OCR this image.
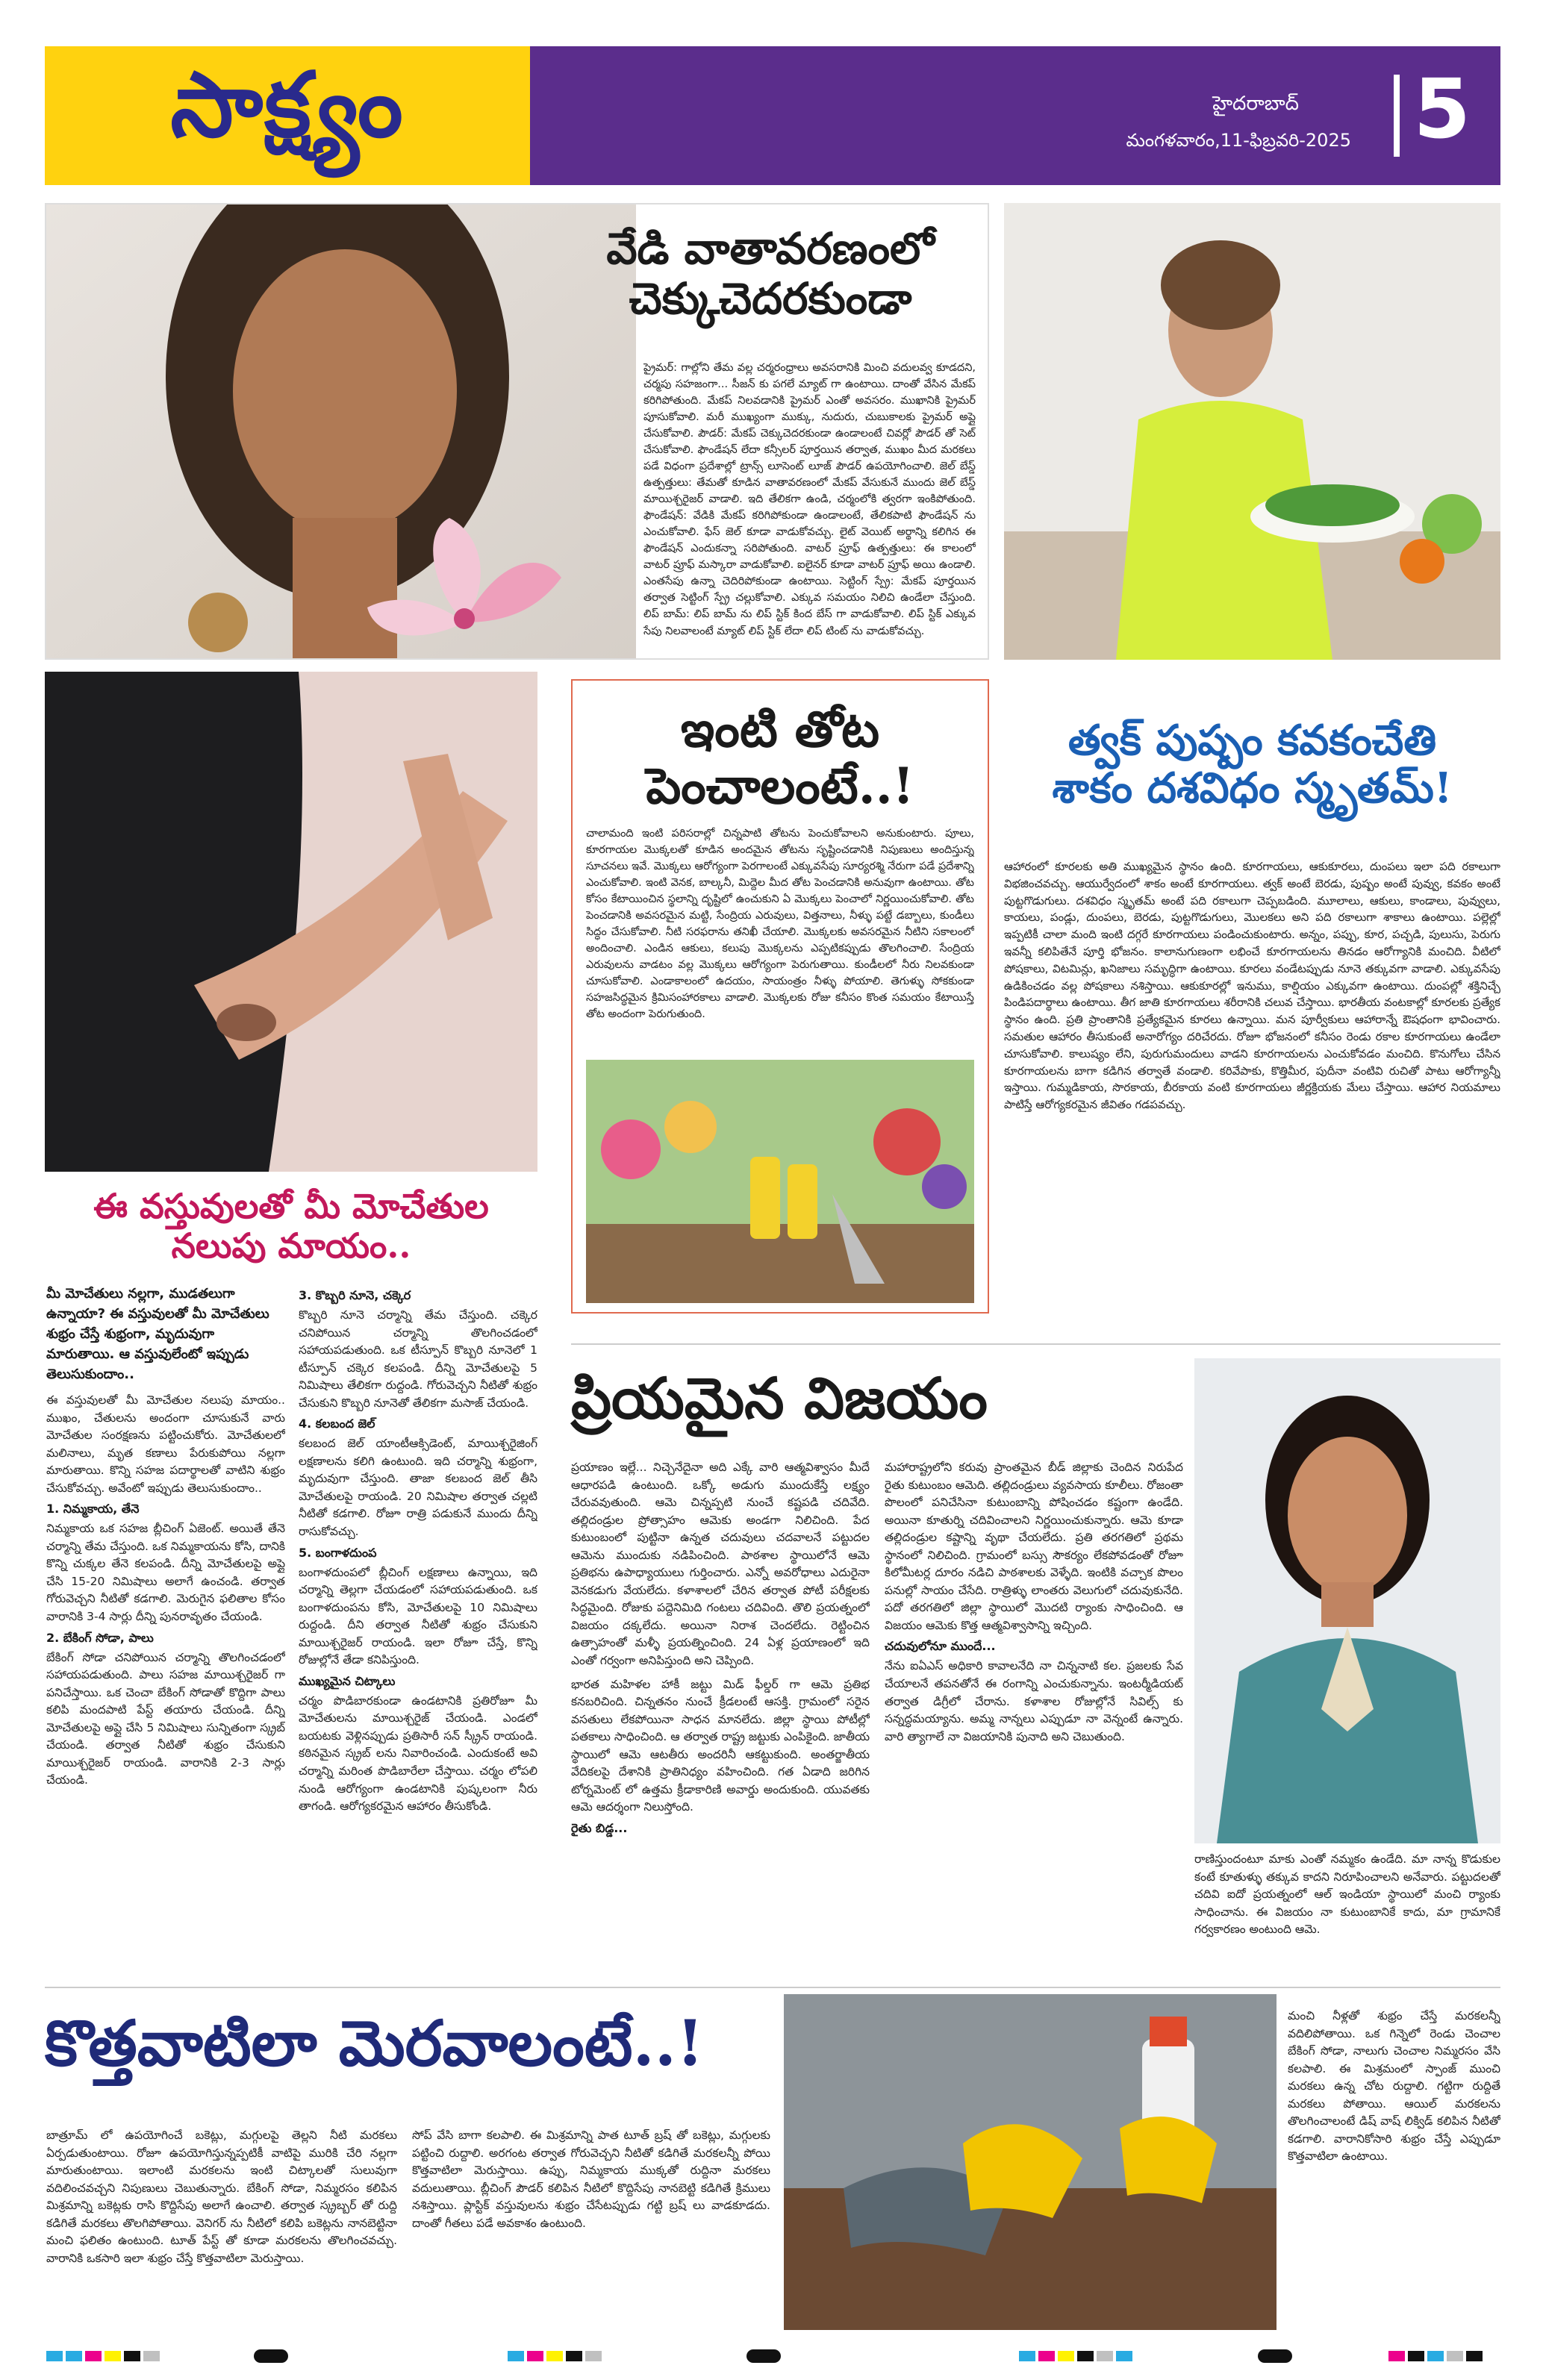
సాక్ష్యం	హైదరాబాద్
మంగళవారం,11-ఫిబ్రవరి-2025 5
వేడి వాతావరణంలో
చెక్కుచెదరకుండా
ప్రైమర్: గాల్లోని తేమ వల్ల చర్మరంధ్రాలు అవసరానికి మించి వదులవ్వ కూడదని, చర్మపు సహజంగా... సీజన్ కు పగలే మ్యాట్ గా ఉంటాయి. దాంతో వేసిన మేకప్ కరిగిపోతుంది. మేకప్ నిలవడానికి ప్రైమర్ ఎంతో అవసరం. ముఖానికి ప్రైమర్ పూసుకోవాలి. మరీ ముఖ్యంగా ముక్కు, నుదురు, చుబుకాలకు ప్రైమర్ అప్లై చేసుకోవాలి. పౌడర్: మేకప్ చెక్కుచెదరకుండా ఉండాలంటే చివర్లో పౌడర్ తో సెట్ చేసుకోవాలి. ఫౌండేషన్ లేదా కన్సీలర్ పూర్తయిన తర్వాత, ముఖం మీద మరకలు పడే విధంగా ప్రదేశాల్లో ట్రాన్స్ లూసెంట్ లూజ్ పౌడర్ ఉపయోగించాలి. జెల్ బేస్డ్ ఉత్పత్తులు: తేమతో కూడిన వాతావరణంలో మేకప్ వేసుకునే ముందు జెల్ బేస్డ్ మాయిశ్చరైజర్ వాడాలి. ఇది తేలికగా ఉండి, చర్మంలోకి త్వరగా ఇంకిపోతుంది. ఫౌండేషన్: వేడికి మేకప్ కరిగిపోకుండా ఉండాలంటే, తేలికపాటి ఫౌండేషన్ ను ఎంచుకోవాలి. ఫేస్ జెల్ కూడా వాడుకోవచ్చు. లైట్ వెయిట్ అర్థాన్ని కలిగిన ఈ ఫౌండేషన్ ఎందుకన్నా సరిపోతుంది. వాటర్ ప్రూఫ్ ఉత్పత్తులు: ఈ కాలంలో వాటర్ ప్రూఫ్ మస్కారా వాడుకోవాలి. ఐలైనర్ కూడా వాటర్ ప్రూఫ్ అయి ఉండాలి. ఎంతసేపు ఉన్నా చెదిరిపోకుండా ఉంటాయి. సెట్టింగ్ స్ప్రే: మేకప్ పూర్తయిన తర్వాత సెట్టింగ్ స్ప్రే చల్లుకోవాలి. ఎక్కువ సమయం నిలిచి ఉండేలా చేస్తుంది. లిప్ బామ్: లిప్ బామ్ ను లిప్ స్టిక్ కింద బేస్ గా వాడుకోవాలి. లిప్ స్టిక్ ఎక్కువ సేపు నిలవాలంటే మ్యాట్ లిప్ స్టిక్ లేదా లిప్ టింట్ ను వాడుకోవచ్చు.
ఈ వస్తువులతో మీ మోచేతుల
నలుపు మాయం..
మీ మోచేతులు నల్లగా, ముడతలుగా ఉన్నాయా? ఈ వస్తువులతో మీ మోచేతులు శుభ్రం చేస్తే శుభ్రంగా, మృదువుగా మారుతాయి. ఆ వస్తువులేంటో ఇప్పుడు తెలుసుకుందాం..
ఈ వస్తువులతో మీ మోచేతుల నలుపు మాయం.. ముఖం, చేతులను అందంగా చూసుకునే వారు మోచేతుల సంరక్షణను పట్టించుకోరు. మోచేతులలో మలినాలు, మృత కణాలు పేరుకుపోయి నల్లగా మారుతాయి. కొన్ని సహజ పదార్థాలతో వాటిని శుభ్రం చేసుకోవచ్చు. అవేంటో ఇప్పుడు తెలుసుకుందాం..
1. నిమ్మకాయ, తేనె
నిమ్మకాయ ఒక సహజ బ్లీచింగ్ ఏజెంట్. అయితే తేనె చర్మాన్ని తేమ చేస్తుంది. ఒక నిమ్మకాయను కోసి, దానికి కొన్ని చుక్కల తేనె కలపండి. దీన్ని మోచేతులపై అప్లై చేసి 15-20 నిమిషాలు అలాగే ఉంచండి. తర్వాత గోరువెచ్చని నీటితో కడగాలి. మెరుగైన ఫలితాల కోసం వారానికి 3-4 సార్లు దీన్ని పునరావృతం చేయండి.
2. బేకింగ్ సోడా, పాలు
బేకింగ్ సోడా చనిపోయిన చర్మాన్ని తొలగించడంలో సహాయపడుతుంది. పాలు సహజ మాయిశ్చరైజర్ గా పనిచేస్తాయి. ఒక చెంచా బేకింగ్ సోడాతో కొద్దిగా పాలు కలిపి మందపాటి పేస్ట్ తయారు చేయండి. దీన్ని మోచేతులపై అప్లై చేసి 5 నిమిషాలు సున్నితంగా స్క్రబ్ చేయండి. తర్వాత నీటితో శుభ్రం చేసుకుని మాయిశ్చరైజర్ రాయండి. వారానికి 2-3 సార్లు చేయండి.
3. కొబ్బరి నూనె, చక్కెర
కొబ్బరి నూనె చర్మాన్ని తేమ చేస్తుంది. చక్కెర చనిపోయిన చర్మాన్ని తొలగించడంలో సహాయపడుతుంది. ఒక టీస్పూన్ కొబ్బరి నూనెలో 1 టీస్పూన్ చక్కెర కలపండి. దీన్ని మోచేతులపై 5 నిమిషాలు తేలికగా రుద్దండి. గోరువెచ్చని నీటితో శుభ్రం చేసుకుని కొబ్బరి నూనెతో తేలికగా మసాజ్ చేయండి.
4. కలబంద జెల్
కలబంద జెల్ యాంటీఆక్సిడెంట్, మాయిశ్చరైజింగ్ లక్షణాలను కలిగి ఉంటుంది. ఇది చర్మాన్ని శుభ్రంగా, మృదువుగా చేస్తుంది. తాజా కలబంద జెల్ తీసి మోచేతులపై రాయండి. 20 నిమిషాల తర్వాత చల్లటి నీటితో కడగాలి. రోజూ రాత్రి పడుకునే ముందు దీన్ని రాసుకోవచ్చు.
5. బంగాళదుంప
బంగాళదుంపలో బ్లీచింగ్ లక్షణాలు ఉన్నాయి, ఇది చర్మాన్ని తెల్లగా చేయడంలో సహాయపడుతుంది. ఒక బంగాళదుంపను కోసి, మోచేతులపై 10 నిమిషాలు రుద్దండి. దీని తర్వాత నీటితో శుభ్రం చేసుకుని మాయిశ్చరైజర్ రాయండి. ఇలా రోజూ చేస్తే, కొన్ని రోజుల్లోనే తేడా కనిపిస్తుంది.
ముఖ్యమైన చిట్కాలు
చర్మం పొడిబారకుండా ఉండటానికి ప్రతిరోజూ మీ మోచేతులను మాయిశ్చరైజ్ చేయండి. ఎండలో బయటకు వెళ్లినప్పుడు ప్రతిసారీ సన్ స్క్రీన్ రాయండి. కఠినమైన స్క్రబ్ లను నివారించండి. ఎందుకంటే అవి చర్మాన్ని మరింత పొడిబారేలా చేస్తాయి. చర్మం లోపలి నుండి ఆరోగ్యంగా ఉండటానికి పుష్కలంగా నీరు తాగండి. ఆరోగ్యకరమైన ఆహారం తీసుకోండి.
ఇంటి తోట
పెంచాలంటే..!
చాలామంది ఇంటి పరిసరాల్లో చిన్నపాటి తోటను పెంచుకోవాలని అనుకుంటారు. పూలు, కూరగాయల మొక్కలతో కూడిన అందమైన తోటను సృష్టించడానికి నిపుణులు అందిస్తున్న సూచనలు ఇవే. మొక్కలు ఆరోగ్యంగా పెరగాలంటే ఎక్కువసేపు సూర్యరశ్మి నేరుగా పడే ప్రదేశాన్ని ఎంచుకోవాలి. ఇంటి వెనక, బాల్కనీ, మిద్దెల మీద తోట పెంచడానికి అనువుగా ఉంటాయి. తోట కోసం కేటాయించిన స్థలాన్ని దృష్టిలో ఉంచుకుని ఏ మొక్కలు పెంచాలో నిర్ణయించుకోవాలి. తోట పెంచడానికి అవసరమైన మట్టి, సేంద్రియ ఎరువులు, విత్తనాలు, నీళ్ళు పట్టే డబ్బాలు, కుండీలు సిద్ధం చేసుకోవాలి. నీటి సరఫరాను తనిఖీ చేయాలి. మొక్కలకు అవసరమైన నీటిని సకాలంలో అందించాలి. ఎండిన ఆకులు, కలుపు మొక్కలను ఎప్పటికప్పుడు తొలగించాలి. సేంద్రియ ఎరువులను వాడటం వల్ల మొక్కలు ఆరోగ్యంగా పెరుగుతాయి. కుండీలలో నీరు నిలవకుండా చూసుకోవాలి. ఎండాకాలంలో ఉదయం, సాయంత్రం నీళ్ళు పోయాలి. తెగుళ్ళు సోకకుండా సహజసిద్ధమైన క్రిమిసంహారకాలు వాడాలి. మొక్కలకు రోజు కనీసం కొంత సమయం కేటాయిస్తే తోట అందంగా పెరుగుతుంది.
త్వక్ పుష్పం కవకంచేతి
శాకం దశవిధం స్మృతమ్!
ఆహారంలో కూరలకు అతి ముఖ్యమైన స్థానం ఉంది. కూరగాయలు, ఆకుకూరలు, దుంపలు ఇలా పది రకాలుగా విభజించవచ్చు. ఆయుర్వేదంలో శాకం అంటే కూరగాయలు. త్వక్ అంటే బెరడు, పుష్పం అంటే పువ్వు, కవకం అంటే పుట్టగొడుగులు. దశవిధం స్మృతమ్ అంటే పది రకాలుగా చెప్పబడింది. మూలాలు, ఆకులు, కాండాలు, పువ్వులు, కాయలు, పండ్లు, దుంపలు, బెరడు, పుట్టగొడుగులు, మొలకలు అని పది రకాలుగా శాకాలు ఉంటాయి. పల్లెల్లో ఇప్పటికీ చాలా మంది ఇంటి దగ్గరే కూరగాయలు పండించుకుంటారు. అన్నం, పప్పు, కూర, పచ్చడి, పులుసు, పెరుగు ఇవన్నీ కలిపితేనే పూర్తి భోజనం. కాలానుగుణంగా లభించే కూరగాయలను తినడం ఆరోగ్యానికి మంచిది. వీటిలో పోషకాలు, విటమిన్లు, ఖనిజాలు సమృద్ధిగా ఉంటాయి. కూరలు వండేటప్పుడు నూనె తక్కువగా వాడాలి. ఎక్కువసేపు ఉడికించడం వల్ల పోషకాలు నశిస్తాయి. ఆకుకూరల్లో ఇనుము, కాల్షియం ఎక్కువగా ఉంటాయి. దుంపల్లో శక్తినిచ్చే పిండిపదార్థాలు ఉంటాయి. తీగ జాతి కూరగాయలు శరీరానికి చలువ చేస్తాయి. భారతీయ వంటకాల్లో కూరలకు ప్రత్యేక స్థానం ఉంది. ప్రతి ప్రాంతానికి ప్రత్యేకమైన కూరలు ఉన్నాయి. మన పూర్వీకులు ఆహారాన్నే ఔషధంగా భావించారు. సమతుల ఆహారం తీసుకుంటే అనారోగ్యం దరిచేరదు. రోజూ భోజనంలో కనీసం రెండు రకాల కూరగాయలు ఉండేలా చూసుకోవాలి. కాలుష్యం లేని, పురుగుమందులు వాడని కూరగాయలను ఎంచుకోవడం మంచిది. కొనుగోలు చేసిన కూరగాయలను బాగా కడిగిన తర్వాతే వండాలి. కరివేపాకు, కొత్తిమీర, పుదీనా వంటివి రుచితో పాటు ఆరోగ్యాన్నీ ఇస్తాయి. గుమ్మడికాయ, సొరకాయ, బీరకాయ వంటి కూరగాయలు జీర్ణక్రియకు మేలు చేస్తాయి. ఆహార నియమాలు పాటిస్తే ఆరోగ్యకరమైన జీవితం గడపవచ్చు.
ప్రియమైన విజయం
ప్రయాణం ఇల్లే... నిచ్చెనేదైనా అది ఎక్కే వారి ఆత్మవిశ్వాసం మీదే ఆధారపడి ఉంటుంది. ఒక్కో అడుగు ముందుకేస్తే లక్ష్యం చేరువవుతుంది. ఆమె చిన్నప్పటి నుంచే కష్టపడి చదివేది. తల్లిదండ్రుల ప్రోత్సాహం ఆమెకు అండగా నిలిచింది. పేద కుటుంబంలో పుట్టినా ఉన్నత చదువులు చదవాలనే పట్టుదల ఆమెను ముందుకు నడిపించింది. పాఠశాల స్థాయిలోనే ఆమె ప్రతిభను ఉపాధ్యాయులు గుర్తించారు. ఎన్నో అవరోధాలు ఎదురైనా వెనకడుగు వేయలేదు. కళాశాలలో చేరిన తర్వాత పోటీ పరీక్షలకు సిద్ధమైంది. రోజుకు పద్దెనిమిది గంటలు చదివింది. తొలి ప్రయత్నంలో విజయం దక్కలేదు. అయినా నిరాశ చెందలేదు. రెట్టించిన ఉత్సాహంతో మళ్ళీ ప్రయత్నించింది. 24 ఏళ్ల ప్రయాణంలో ఇది ఎంతో గర్వంగా అనిపిస్తుంది అని చెప్పింది.
భారత మహిళల హాకీ జట్టు మిడ్ ఫీల్డర్ గా ఆమె ప్రతిభ కనబరిచింది. చిన్నతనం నుంచే క్రీడలంటే ఆసక్తి. గ్రామంలో సరైన వసతులు లేకపోయినా సాధన మానలేదు. జిల్లా స్థాయి పోటీల్లో పతకాలు సాధించింది. ఆ తర్వాత రాష్ట్ర జట్టుకు ఎంపికైంది. జాతీయ స్థాయిలో ఆమె ఆటతీరు అందరినీ ఆకట్టుకుంది. అంతర్జాతీయ వేదికలపై దేశానికి ప్రాతినిధ్యం వహించింది. గత ఏడాది జరిగిన టోర్నమెంట్ లో ఉత్తమ క్రీడాకారిణి అవార్డు అందుకుంది. యువతకు ఆమె ఆదర్శంగా నిలుస్తోంది.
రైతు బిడ్డ...
మహారాష్ట్రలోని కరువు ప్రాంతమైన బీడ్ జిల్లాకు చెందిన నిరుపేద రైతు కుటుంబం ఆమెది. తల్లిదండ్రులు వ్యవసాయ కూలీలు. రోజంతా పొలంలో పనిచేసినా కుటుంబాన్ని పోషించడం కష్టంగా ఉండేది. అయినా కూతుర్ని చదివించాలని నిర్ణయించుకున్నారు. ఆమె కూడా తల్లిదండ్రుల కష్టాన్ని వృథా చేయలేదు. ప్రతి తరగతిలో ప్రథమ స్థానంలో నిలిచింది. గ్రామంలో బస్సు సౌకర్యం లేకపోవడంతో రోజూ కిలోమీటర్ల దూరం నడిచి పాఠశాలకు వెళ్ళేది. ఇంటికి వచ్చాక పొలం పనుల్లో సాయం చేసేది. రాత్రిళ్ళు లాంతరు వెలుగులో చదువుకునేది. పదో తరగతిలో జిల్లా స్థాయిలో మొదటి ర్యాంకు సాధించింది. ఆ విజయం ఆమెకు కొత్త ఆత్మవిశ్వాసాన్ని ఇచ్చింది.
చదువులోనూ ముందే...
నేను ఐఏఎస్ అధికారి కావాలనేది నా చిన్ననాటి కల. ప్రజలకు సేవ చేయాలనే తపనతోనే ఈ రంగాన్ని ఎంచుకున్నాను. ఇంటర్మీడియట్ తర్వాత డిగ్రీలో చేరాను. కళాశాల రోజుల్లోనే సివిల్స్ కు సన్నద్ధమయ్యాను. అమ్మ నాన్నలు ఎప్పుడూ నా వెన్నంటే ఉన్నారు. వారి త్యాగాలే నా విజయానికి పునాది అని చెబుతుంది.
రాణిస్తుందంటూ మాకు ఎంతో నమ్మకం ఉండేది. మా నాన్న కొడుకుల కంటే కూతుళ్ళు తక్కువ కాదని నిరూపించాలని అనేవారు. పట్టుదలతో చదివి ఐదో ప్రయత్నంలో ఆల్ ఇండియా స్థాయిలో మంచి ర్యాంకు సాధించాను. ఈ విజయం నా కుటుంబానికే కాదు, మా గ్రామానికే గర్వకారణం అంటుంది ఆమె.
కొత్తవాటిలా మెరవాలంటే..!
బాత్రూమ్ లో ఉపయోగించే బకెట్లు, మగ్గులపై తెల్లని నీటి మరకలు ఏర్పడుతుంటాయి. రోజూ ఉపయోగిస్తున్నప్పటికీ వాటిపై మురికి చేరి నల్లగా మారుతుంటాయి. ఇలాంటి మరకలను ఇంటి చిట్కాలతో సులువుగా వదిలించవచ్చని నిపుణులు చెబుతున్నారు. బేకింగ్ సోడా, నిమ్మరసం కలిపిన మిశ్రమాన్ని బకెట్లకు రాసి కొద్దిసేపు అలాగే ఉంచాలి. తర్వాత స్క్రబ్బర్ తో రుద్ది కడిగితే మరకలు తొలగిపోతాయి. వెనిగర్ ను నీటిలో కలిపి బకెట్లను నానబెట్టినా మంచి ఫలితం ఉంటుంది. టూత్ పేస్ట్ తో కూడా మరకలను తొలగించవచ్చు. వారానికి ఒకసారి ఇలా శుభ్రం చేస్తే కొత్తవాటిలా మెరుస్తాయి.
సోప్ వేసి బాగా కలపాలి. ఈ మిశ్రమాన్ని పాత టూత్ బ్రష్ తో బకెట్లు, మగ్గులకు పట్టించి రుద్దాలి. అరగంట తర్వాత గోరువెచ్చని నీటితో కడిగితే మరకలన్నీ పోయి కొత్తవాటిలా మెరుస్తాయి. ఉప్పు, నిమ్మకాయ ముక్కతో రుద్దినా మరకలు వదులుతాయి. బ్లీచింగ్ పౌడర్ కలిపిన నీటిలో కొద్దిసేపు నానబెట్టి కడిగితే క్రిములు నశిస్తాయి. ప్లాస్టిక్ వస్తువులను శుభ్రం చేసేటప్పుడు గట్టి బ్రష్ లు వాడకూడదు. దాంతో గీతలు పడే అవకాశం ఉంటుంది.
మంచి నీళ్లతో శుభ్రం చేస్తే మరకలన్నీ వదిలిపోతాయి. ఒక గిన్నెలో రెండు చెంచాల బేకింగ్ సోడా, నాలుగు చెంచాల నిమ్మరసం వేసి కలపాలి. ఈ మిశ్రమంలో స్పాంజ్ ముంచి మరకలు ఉన్న చోట రుద్దాలి. గట్టిగా రుద్దితే మరకలు పోతాయి. ఆయిల్ మరకలను తొలగించాలంటే డిష్ వాష్ లిక్విడ్ కలిపిన నీటితో కడగాలి. వారానికోసారి శుభ్రం చేస్తే ఎప్పుడూ కొత్తవాటిలా ఉంటాయి.
